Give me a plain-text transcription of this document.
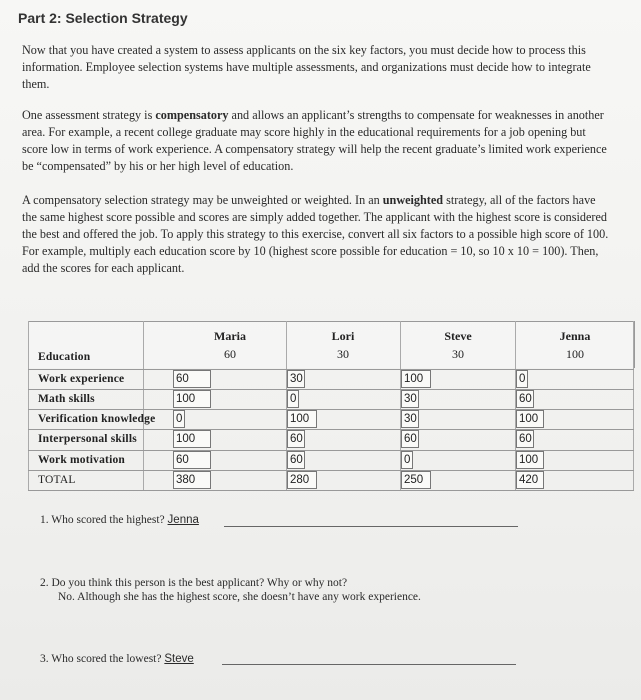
Part 2: Selection Strategy
Now that you have created a system to assess applicants on the six key factors, you must decide how to process this information. Employee selection systems have multiple assessments, and organizations must decide how to integrate them.
One assessment strategy is compensatory and allows an applicant’s strengths to compensate for weaknesses in another area. For example, a recent college graduate may score highly in the educational requirements for a job opening but score low in terms of work experience. A compensatory strategy will help the recent graduate’s limited work experience be “compensated” by his or her high level of education.
A compensatory selection strategy may be unweighted or weighted. In an unweighted strategy, all of the factors have the same highest score possible and scores are simply added together. The applicant with the highest score is considered the best and offered the job. To apply this strategy to this exercise, convert all six factors to a possible high score of 100. For example, multiply each education score by 10 (highest score possible for education = 10, so 10 x 10 = 100). Then, add the scores for each applicant.
Maria
60
Lori
30
Steve
30
Jenna
100
Education
Work experience
Math skills
Verification knowledge
Interpersonal skills
Work motivation
TOTAL
60
100
0
100
60
380
30
0
100
60
60
280
100
30
30
60
0
250
0
60
100
60
100
420
1. Who scored the highest? Jenna
2. Do you think this person is the best applicant? Why or why not?
No. Although she has the highest score, she doesn’t have any work experience.
3. Who scored the lowest? Steve
